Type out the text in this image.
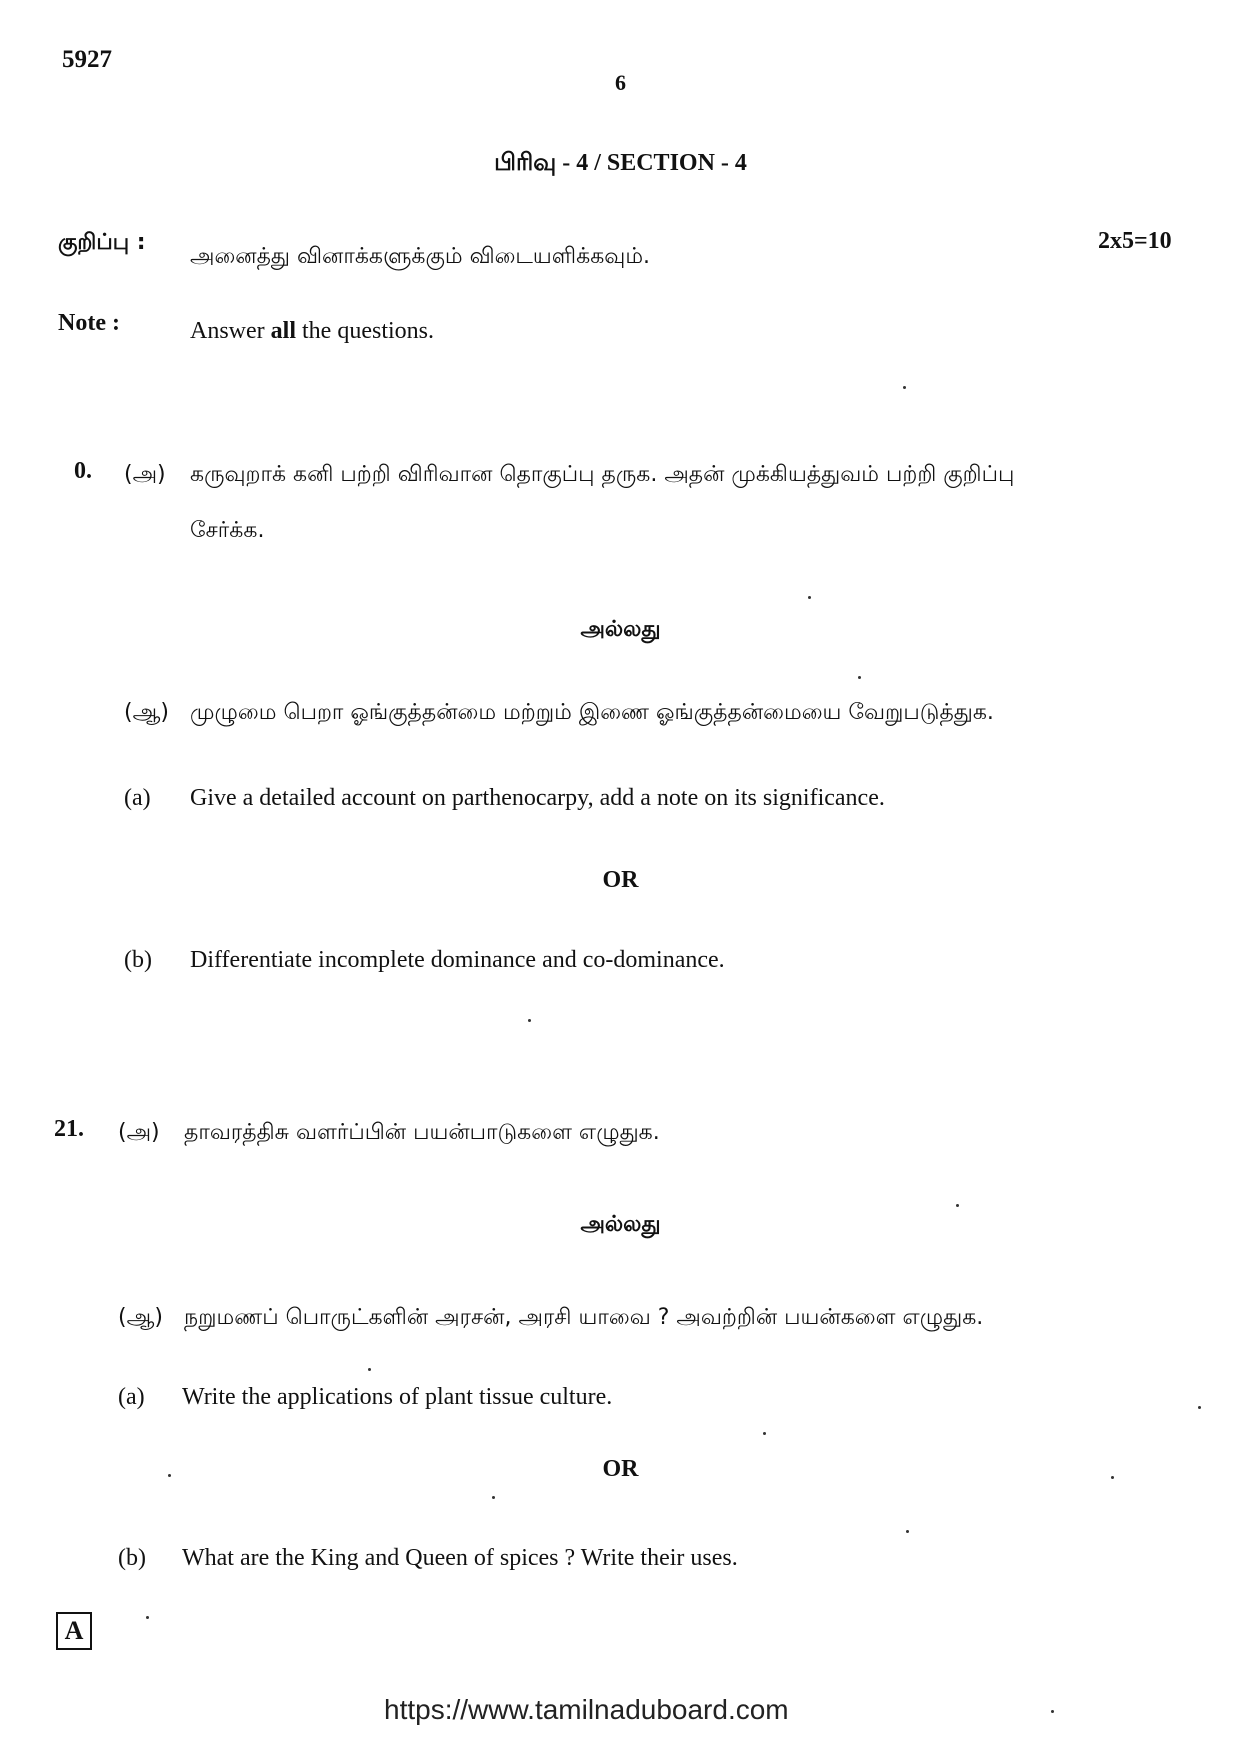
5927
6
பிரிவு - 4 / SECTION - 4
குறிப்பு :
அனைத்து வினாக்களுக்கும் விடையளிக்கவும்.
2x5=10
Note :	Answer all the questions.
0. (அ) கருவுறாக் கனி பற்றி விரிவான தொகுப்பு தருக. அதன் முக்கியத்துவம் பற்றி குறிப்பு
சேர்க்க.
அல்லது
(ஆ) முழுமை பெறா ஓங்குத்தன்மை மற்றும் இணை ஓங்குத்தன்மையை வேறுபடுத்துக.
(a) Give a detailed account on parthenocarpy, add a note on its significance.
OR
(b) Differentiate incomplete dominance and co-dominance.
21. (அ) தாவரத்திசு வளர்ப்பின் பயன்பாடுகளை எழுதுக.
அல்லது
(ஆ) நறுமணப் பொருட்களின் அரசன், அரசி யாவை ? அவற்றின் பயன்களை எழுதுக.
(a) Write the applications of plant tissue culture.
OR
(b) What are the King and Queen of spices ? Write their uses.
A
https://www.tamilnaduboard.com
